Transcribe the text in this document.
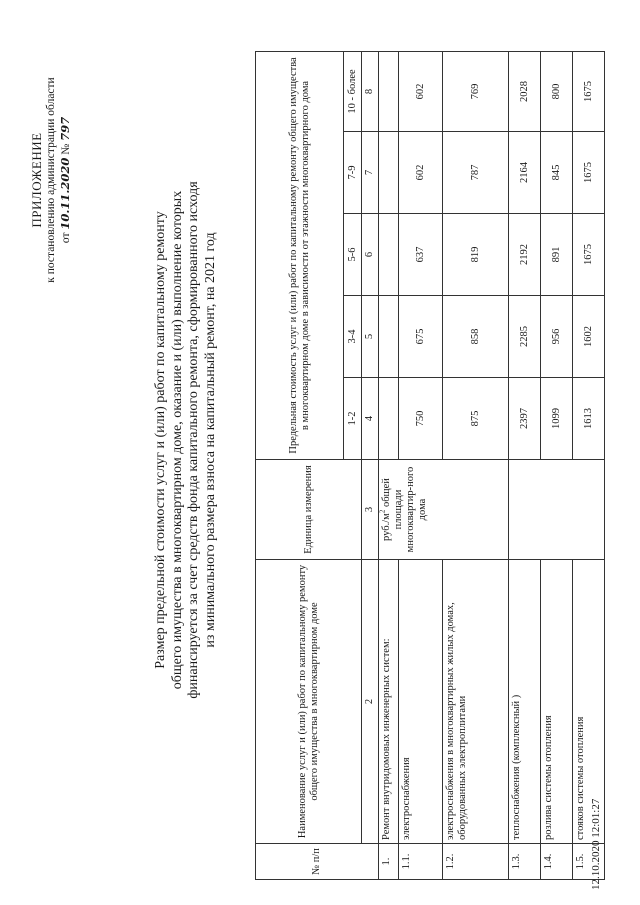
ПРИЛОЖЕНИЕ к постановлению администрации области от 10.11.2020 № 797
Размер предельной стоимости услуг и (или) работ по капитальному ремонту общего имущества в многоквартирном доме, оказание и (или) выполнение которых финансируется за счет средств фонда капитального ремонта, сформированного исходя из минимального размера взноса на капитальный ремонт, на 2021 год
№ п/п	Наименование услуг и (или) работ по капитальному ремонту общего имущества в многоквартирном доме	Единица измерения	Предельная стоимость услуг и (или) работ по капитальному ремонту общего имущества в многоквартирном доме в зависимости от этажности многоквартирного дома				
			1-2	3-4	5-6	7-9	10 - более
	2	3	4	5	6	7	8
1.	Ремонт внутридомовых инженерных систем:	$руб./м^2$ общей площади многоквартир-ного дома					
1.1.	электроснабжения		750	675	637	602	602
1.2.	электроснабжения в многоквартирных жилых домах, оборудованных электроплитами		875	858	819	787	769
1.3.	теплоснабжения (комплексный )		2397	2285	2192	2164	2028
1.4.	розлива системы отопления		1099	956	891	845	800
1.5.	стояков системы отопления		1613	1602	1675	1675	1675
12.10.2020 12:01:27
